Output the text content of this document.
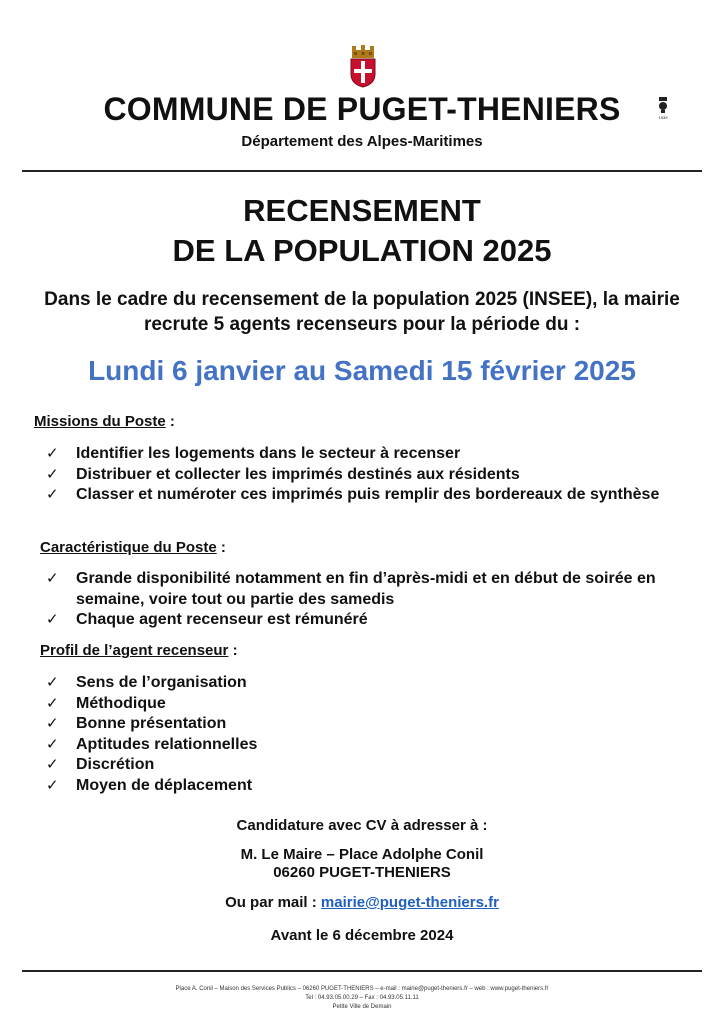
COMMUNE DE PUGET-THENIERS	1939
Département des Alpes-Maritimes
RECENSEMENT
DE LA POPULATION 2025
Dans le cadre du recensement de la population 2025 (INSEE), la mairie recrute 5 agents recenseurs pour la période du :
Lundi 6 janvier au Samedi 15 février 2025
Missions du Poste :
✓ Identifier les logements dans le secteur à recenser
✓ Distribuer et collecter les imprimés destinés aux résidents
✓ Classer et numéroter ces imprimés puis remplir des bordereaux de synthèse
Caractéristique du Poste :
✓ Grande disponibilité notamment en fin d’après-midi et en début de soirée en semaine, voire tout ou partie des samedis
✓ Chaque agent recenseur est rémunéré
Profil de l’agent recenseur :
✓ Sens de l’organisation
✓ Méthodique
✓ Bonne présentation
✓ Aptitudes relationnelles
✓ Discrétion
✓ Moyen de déplacement
Candidature avec CV à adresser à :
M. Le Maire – Place Adolphe Conil
06260 PUGET-THENIERS
Ou par mail : mairie@puget-theniers.fr
Avant le 6 décembre 2024
Place A. Conil – Maison des Services Publics – 06260 PUGET-THENIERS – e-mail : mairie@puget-theniers.fr – web : www.puget-theniers.fr
Tel : 04.93.05.00.29 – Fax : 04.93.05.11.11
Petite Ville de Demain
